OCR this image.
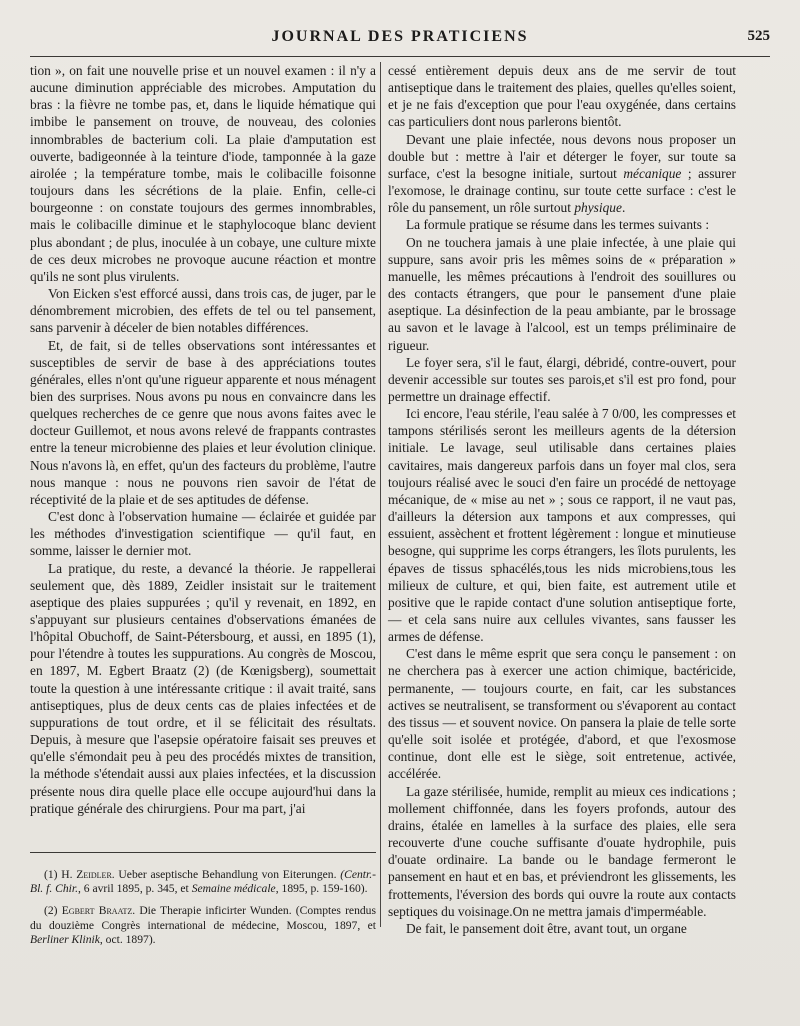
JOURNAL DES PRATICIENS	525

tion », on fait une nouvelle prise et un nouvel examen : il n'y a aucune diminution appréciable des microbes. Amputation du bras : la fièvre ne tombe pas, et, dans le liquide hématique qui imbibe le pansement on trouve, de nouveau, des colonies innombrables de bacterium coli. La plaie d'amputation est ouverte, badigeonnée à la teinture d'iode, tamponnée à la gaze airolée ; la température tombe, mais le colibacille foisonne toujours dans les sécrétions de la plaie. Enfin, celle-ci bourgeonne : on constate toujours des germes innombrables, mais le colibacille diminue et le staphylocoque blanc devient plus abondant ; de plus, inoculée à un cobaye, une culture mixte de ces deux microbes ne provoque aucune réaction et montre qu'ils ne sont plus virulents.

Von Eicken s'est efforcé aussi, dans trois cas, de juger, par le dénombrement microbien, des effets de tel ou tel pansement, sans parvenir à déceler de bien notables différences.

Et, de fait, si de telles observations sont intéressantes et susceptibles de servir de base à des appréciations toutes générales, elles n'ont qu'une rigueur apparente et nous ménagent bien des surprises. Nous avons pu nous en convaincre dans les quelques recherches de ce genre que nous avons faites avec le docteur Guillemot, et nous avons relevé de frappants contrastes entre la teneur microbienne des plaies et leur évolution clinique. Nous n'avons là, en effet, qu'un des facteurs du problème, l'autre nous manque : nous ne pouvons rien savoir de l'état de réceptivité de la plaie et de ses aptitudes de défense.

C'est donc à l'observation humaine — éclairée et guidée par les méthodes d'investigation scientifique — qu'il faut, en somme, laisser le dernier mot.

La pratique, du reste, a devancé la théorie. Je rappellerai seulement que, dès 1889, Zeidler insistait sur le traitement aseptique des plaies suppurées ; qu'il y revenait, en 1892, en s'appuyant sur plusieurs centaines d'observations émanées de l'hôpital Obuchoff, de Saint-Pétersbourg, et aussi, en 1895 (1), pour l'étendre à toutes les suppurations. Au congrès de Moscou, en 1897, M. Egbert Braatz (2) (de Kœnigsberg), soumettait toute la question à une intéressante critique : il avait traité, sans antiseptiques, plus de deux cents cas de plaies infectées et de suppurations de tout ordre, et il se félicitait des résultats. Depuis, à mesure que l'asepsie opératoire faisait ses preuves et qu'elle s'émondait peu à peu des procédés mixtes de transition, la méthode s'étendait aussi aux plaies infectées, et la discussion présente nous dira quelle place elle occupe aujourd'hui dans la pratique générale des chirurgiens. Pour ma part, j'ai

(1) H. Zeidler. Ueber aseptische Behandlung von Eiterungen. (Centr.-Bl. f. Chir., 6 avril 1895, p. 345, et Semaine médicale, 1895, p. 159-160).

(2) Egbert Braatz. Die Therapie inficirter Wunden. (Comptes rendus du douzième Congrès international de médecine, Moscou, 1897, et Berliner Klinik, oct. 1897).

cessé entièrement depuis deux ans de me servir de tout antiseptique dans le traitement des plaies, quelles qu'elles soient, et je ne fais d'exception que pour l'eau oxygénée, dans certains cas particuliers dont nous parlerons bientôt.

Devant une plaie infectée, nous devons nous proposer un double but : mettre à l'air et déterger le foyer, sur toute sa surface, c'est la besogne initiale, surtout mécanique ; assurer l'exomose, le drainage continu, sur toute cette surface : c'est le rôle du pansement, un rôle surtout physique.

La formule pratique se résume dans les termes suivants :

On ne touchera jamais à une plaie infectée, à une plaie qui suppure, sans avoir pris les mêmes soins de « préparation » manuelle, les mêmes précautions à l'endroit des souillures ou des contacts étrangers, que pour le pansement d'une plaie aseptique. La désinfection de la peau ambiante, par le brossage au savon et le lavage à l'alcool, est un temps préliminaire de rigueur.

Le foyer sera, s'il le faut, élargi, débridé, contre-ouvert, pour devenir accessible sur toutes ses parois,et s'il est pro fond, pour permettre un drainage effectif.

Ici encore, l'eau stérile, l'eau salée à 7 0/00, les compresses et tampons stérilisés seront les meilleurs agents de la détersion initiale. Le lavage, seul utilisable dans certaines plaies cavitaires, mais dangereux parfois dans un foyer mal clos, sera toujours réalisé avec le souci d'en faire un procédé de nettoyage mécanique, de « mise au net » ; sous ce rapport, il ne vaut pas, d'ailleurs la détersion aux tampons et aux compresses, qui essuient, assèchent et frottent légèrement : longue et minutieuse besogne, qui supprime les corps étrangers, les îlots purulents, les épaves de tissus sphacélés,tous les nids microbiens,tous les milieux de culture, et qui, bien faite, est autrement utile et positive que le rapide contact d'une solution antiseptique forte, — et cela sans nuire aux cellules vivantes, sans fausser les armes de défense.

C'est dans le même esprit que sera conçu le pansement : on ne cherchera pas à exercer une action chimique, bactéricide, permanente, — toujours courte, en fait, car les substances actives se neutralisent, se transforment ou s'évaporent au contact des tissus — et souvent novice. On pansera la plaie de telle sorte qu'elle soit isolée et protégée, d'abord, et que l'exosmose continue, dont elle est le siège, soit entretenue, activée, accélérée.

La gaze stérilisée, humide, remplit au mieux ces indications ; mollement chiffonnée, dans les foyers profonds, autour des drains, étalée en lamelles à la surface des plaies, elle sera recouverte d'une couche suffisante d'ouate hydrophile, puis d'ouate ordinaire. La bande ou le bandage fermeront le pansement en haut et en bas, et préviendront les glissements, les frottements, l'éversion des bords qui ouvre la route aux contacts septiques du voisinage.On ne mettra jamais d'imperméable.

De fait, le pansement doit être, avant tout, un organe
